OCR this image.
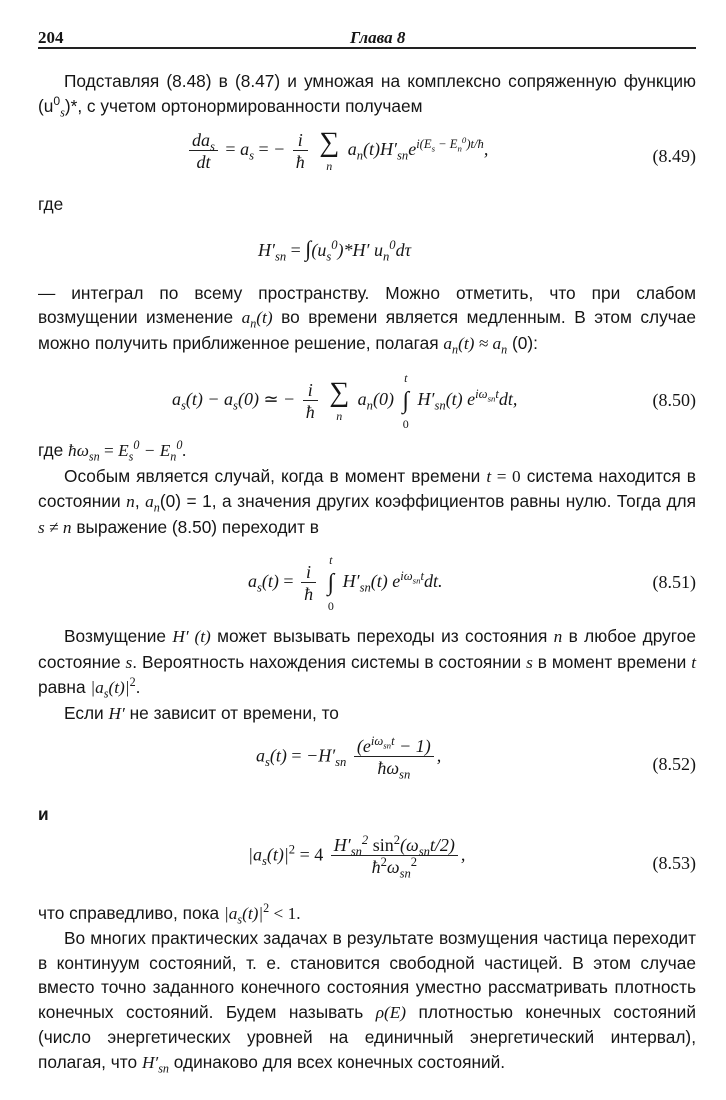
204	Глава 8

Подставляя (8.48) в (8.47) и умножая на комплексно сопряженную функцию $(u^0_s)*$, с учетом ортонормированности получаем

$\frac{da_s}{dt} = a_s$ = − $\frac{i}{ħ}$
∑
n
$a_n(t)H'_{sn}e^{i(E_s - E_n^0)t/ħ}$,	(8.49)

где

$H'_{sn} = \int(u_s^0)*H'$ $u_n^0d\tau$

— интеграл по всему пространству. Можно отметить, что при слабом возмущении изменение $a_n(t)$ во времени является медленным. В этом случае можно получить приближенное решение, полагая $a_n(t) \approx a_n$ (0):

$a_s(t) - a_s(0)$ ≃ − $\frac{i}{ħ}$
∑
n
$a_n(0)$
t
∫
0
$H'_{sn}(t)$ $e^{i\omega_{sn}t}dt$,	(8.50)

где $ħ\omega_{sn} = E_s^0 - E_n^0$.

Особым является случай, когда в момент времени t = 0 система находится в состоянии n, $a_n(0) = 1$, а значения других коэффициентов равны нулю. Тогда для s ≠ n выражение (8.50) переходит в

$a_s(t) = \frac{i}{ħ}$

t
∫
0
$H'_{sn}(t)$ $e^{i\omega_{sn}t}dt$.	(8.51)

Возмущение H′ (t) может вызывать переходы из состояния n в любое другое состояние s. Вероятность нахождения системы в состоянии s в момент времени t равна $|a_s(t)|^2$.

Если H′ не зависит от времени, то

$a_s(t) = -H'_{sn} \frac{(e^{i\omega_{sn}t} - 1)}{ħ\omega_{sn}}$ ,	(8.52)

и

$|a_s(t)|^2 = 4 \frac{H'_{sn}^2 \sin^2(\omega_{sn}t/2)}{ħ^2\omega_{sn}^2}$ ,	(8.53)

что справедливо, пока $|a_s(t)|^2 < 1$.

Во многих практических задачах в результате возмущения частица переходит в континуум состояний, т. е. становится свободной частицей. В этом случае вместо точно заданного конечного состояния уместно рассматривать плотность конечных состояний. Будем называть ρ(E) плотностью конечных состояний (число энергетических уровней на единичный энергетический интервал), полагая, что $H'_{sn}$ одинаково для всех конечных состояний.
